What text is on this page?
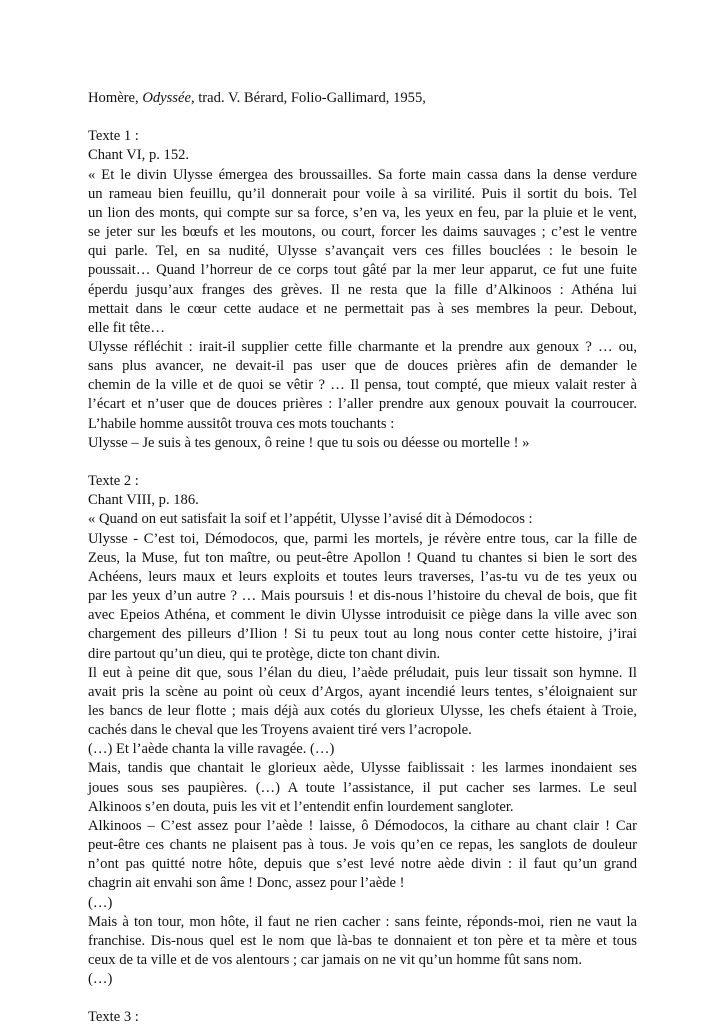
Homère, Odyssée, trad. V. Bérard, Folio-Gallimard, 1955,
Texte 1 :
Chant VI, p. 152.
« Et le divin Ulysse émergea des broussailles. Sa forte main cassa dans la dense verdure
un rameau bien feuillu, qu’il donnerait pour voile à sa virilité. Puis il sortit du bois. Tel
un lion des monts, qui compte sur sa force, s’en va, les yeux en feu, par la pluie et le vent,
se jeter sur les bœufs et les moutons, ou court, forcer les daims sauvages ; c’est le ventre
qui parle. Tel, en sa nudité, Ulysse s’avançait vers ces filles bouclées : le besoin le
poussait… Quand l’horreur de ce corps tout gâté par la mer leur apparut, ce fut une fuite
éperdu jusqu’aux franges des grèves. Il ne resta que la fille d’Alkinoos : Athéna lui
mettait dans le cœur cette audace et ne permettait pas à ses membres la peur. Debout,
elle fit tête…
Ulysse réfléchit : irait-il supplier cette fille charmante et la prendre aux genoux ? … ou,
sans plus avancer, ne devait-il pas user que de douces prières afin de demander le
chemin de la ville et de quoi se vêtir ? … Il pensa, tout compté, que mieux valait rester à
l’écart et n’user que de douces prières : l’aller prendre aux genoux pouvait la courroucer.
L’habile homme aussitôt trouva ces mots touchants :
Ulysse – Je suis à tes genoux, ô reine ! que tu sois ou déesse ou mortelle ! »
Texte 2 :
Chant VIII, p. 186.
« Quand on eut satisfait la soif et l’appétit, Ulysse l’avisé dit à Démodocos :
Ulysse - C’est toi, Démodocos, que, parmi les mortels, je révère entre tous, car la fille de
Zeus, la Muse, fut ton maître, ou peut-être Apollon ! Quand tu chantes si bien le sort des
Achéens, leurs maux et leurs exploits et toutes leurs traverses, l’as-tu vu de tes yeux ou
par les yeux d’un autre ? … Mais poursuis ! et dis-nous l’histoire du cheval de bois, que fit
avec Epeios Athéna, et comment le divin Ulysse introduisit ce piège dans la ville avec son
chargement des pilleurs d’Ilion ! Si tu peux tout au long nous conter cette histoire, j’irai
dire partout qu’un dieu, qui te protège, dicte ton chant divin.
Il eut à peine dit que, sous l’élan du dieu, l’aède préludait, puis leur tissait son hymne. Il
avait pris la scène au point où ceux d’Argos, ayant incendié leurs tentes, s’éloignaient sur
les bancs de leur flotte ; mais déjà aux cotés du glorieux Ulysse, les chefs étaient à Troie,
cachés dans le cheval que les Troyens avaient tiré vers l’acropole.
(…) Et l’aède chanta la ville ravagée. (…)
Mais, tandis que chantait le glorieux aède, Ulysse faiblissait : les larmes inondaient ses
joues sous ses paupières. (…) A toute l’assistance, il put cacher ses larmes. Le seul
Alkinoos s’en douta, puis les vit et l’entendit enfin lourdement sangloter.
Alkinoos – C’est assez pour l’aède ! laisse, ô Démodocos, la cithare au chant clair ! Car
peut-être ces chants ne plaisent pas à tous. Je vois qu’en ce repas, les sanglots de douleur
n’ont pas quitté notre hôte, depuis que s’est levé notre aède divin : il faut qu’un grand
chagrin ait envahi son âme ! Donc, assez pour l’aède !
(…)
Mais à ton tour, mon hôte, il faut ne rien cacher : sans feinte, réponds-moi, rien ne vaut la
franchise. Dis-nous quel est le nom que là-bas te donnaient et ton père et ta mère et tous
ceux de ta ville et de vos alentours ; car jamais on ne vit qu’un homme fût sans nom.
(…)
Texte 3 :
